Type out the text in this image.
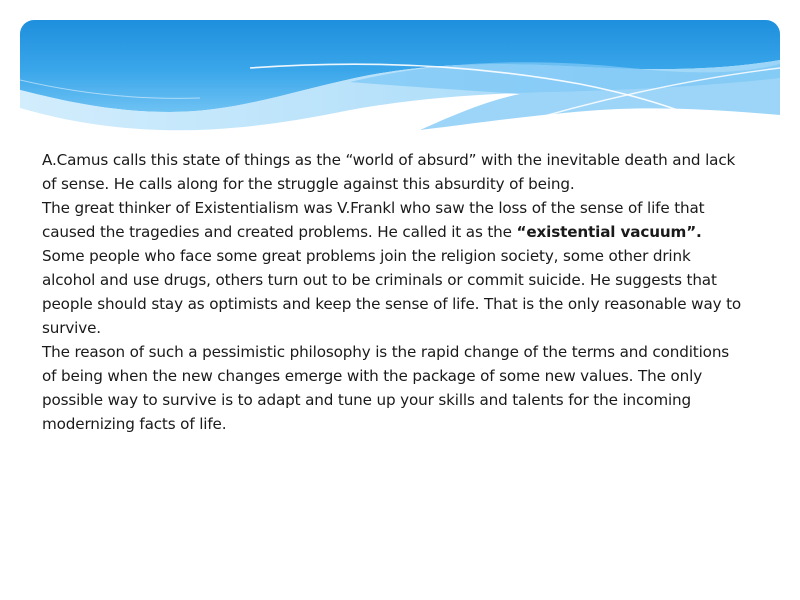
A.Camus calls this state of things as the “world of absurd” with the inevitable death and lack of sense. He calls along for the struggle against this absurdity of being.

The great thinker of Existentialism was V.Frankl who saw the loss of the sense of life that caused the tragedies and created problems. He called it as the “existential vacuum”. Some people who face some great problems join the religion society, some other drink alcohol and use drugs, others turn out to be criminals or commit suicide. He suggests that people should stay as optimists and keep the sense of life. That is the only reasonable way to survive.

The reason of such a pessimistic philosophy is the rapid change of the terms and conditions of being when the new changes emerge with the package of some new values. The only possible way to survive is to adapt and tune up your skills and talents for the incoming modernizing facts of life.
